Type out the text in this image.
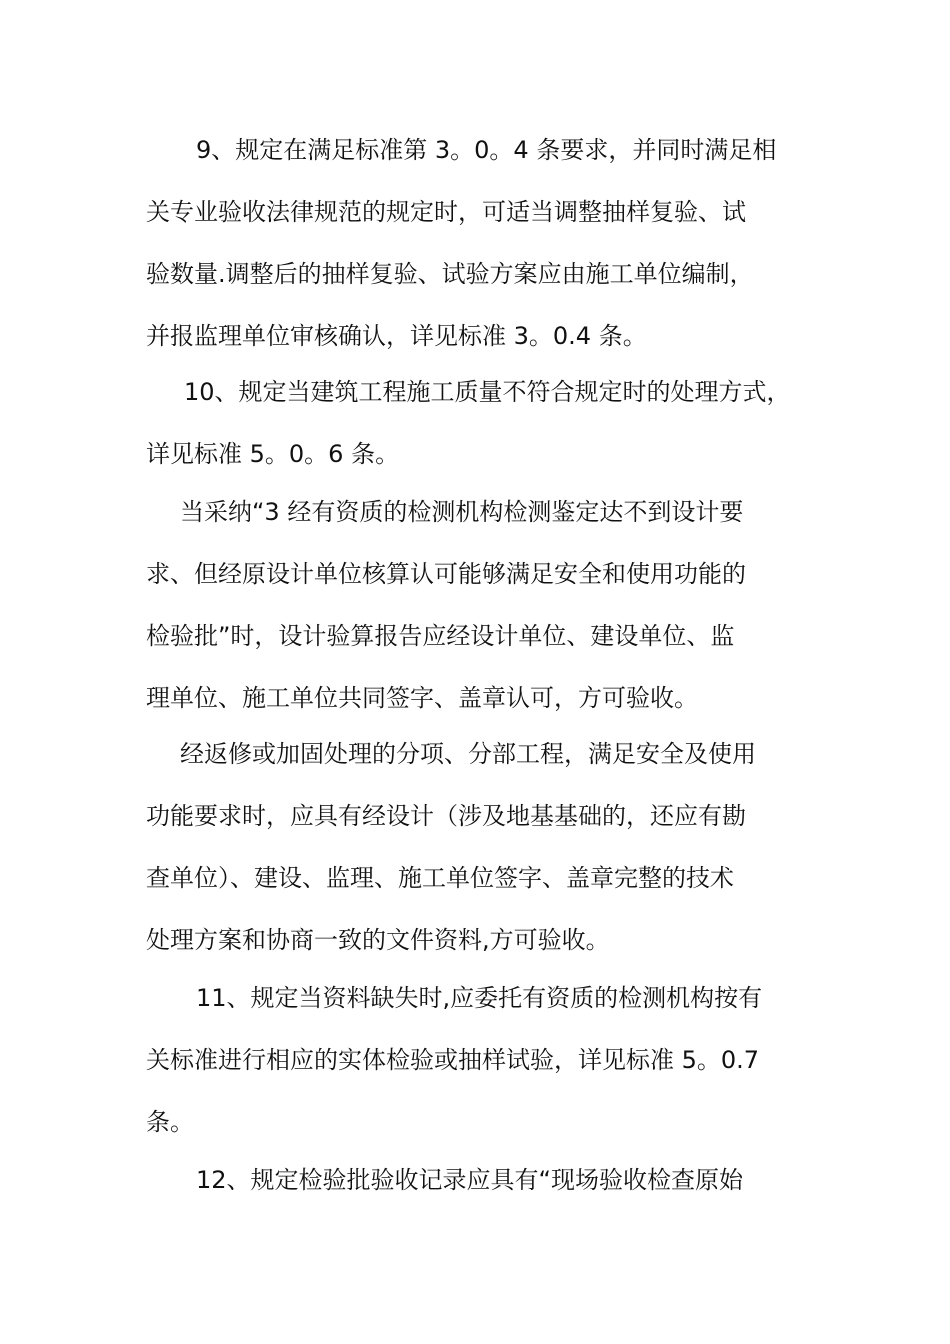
9、规定在满足标准第 3。0。4 条要求，并同时满足相
关专业验收法律规范的规定时，可适当调整抽样复验、试
验数量.调整后的抽样复验、试验方案应由施工单位编制，
并报监理单位审核确认，详见标准 3。0.4 条。
10、规定当建筑工程施工质量不符合规定时的处理方式，
详见标准 5。0。6 条。
当采纳“3 经有资质的检测机构检测鉴定达不到设计要
求、但经原设计单位核算认可能够满足安全和使用功能的
检验批”时，设计验算报告应经设计单位、建设单位、监
理单位、施工单位共同签字、盖章认可，方可验收。
经返修或加固处理的分项、分部工程，满足安全及使用
功能要求时，应具有经设计（涉及地基基础的，还应有勘
查单位）、建设、监理、施工单位签字、盖章完整的技术
处理方案和协商一致的文件资料,方可验收。
11、规定当资料缺失时,应委托有资质的检测机构按有
关标准进行相应的实体检验或抽样试验，详见标准 5。0.7
条。
12、规定检验批验收记录应具有“现场验收检查原始
